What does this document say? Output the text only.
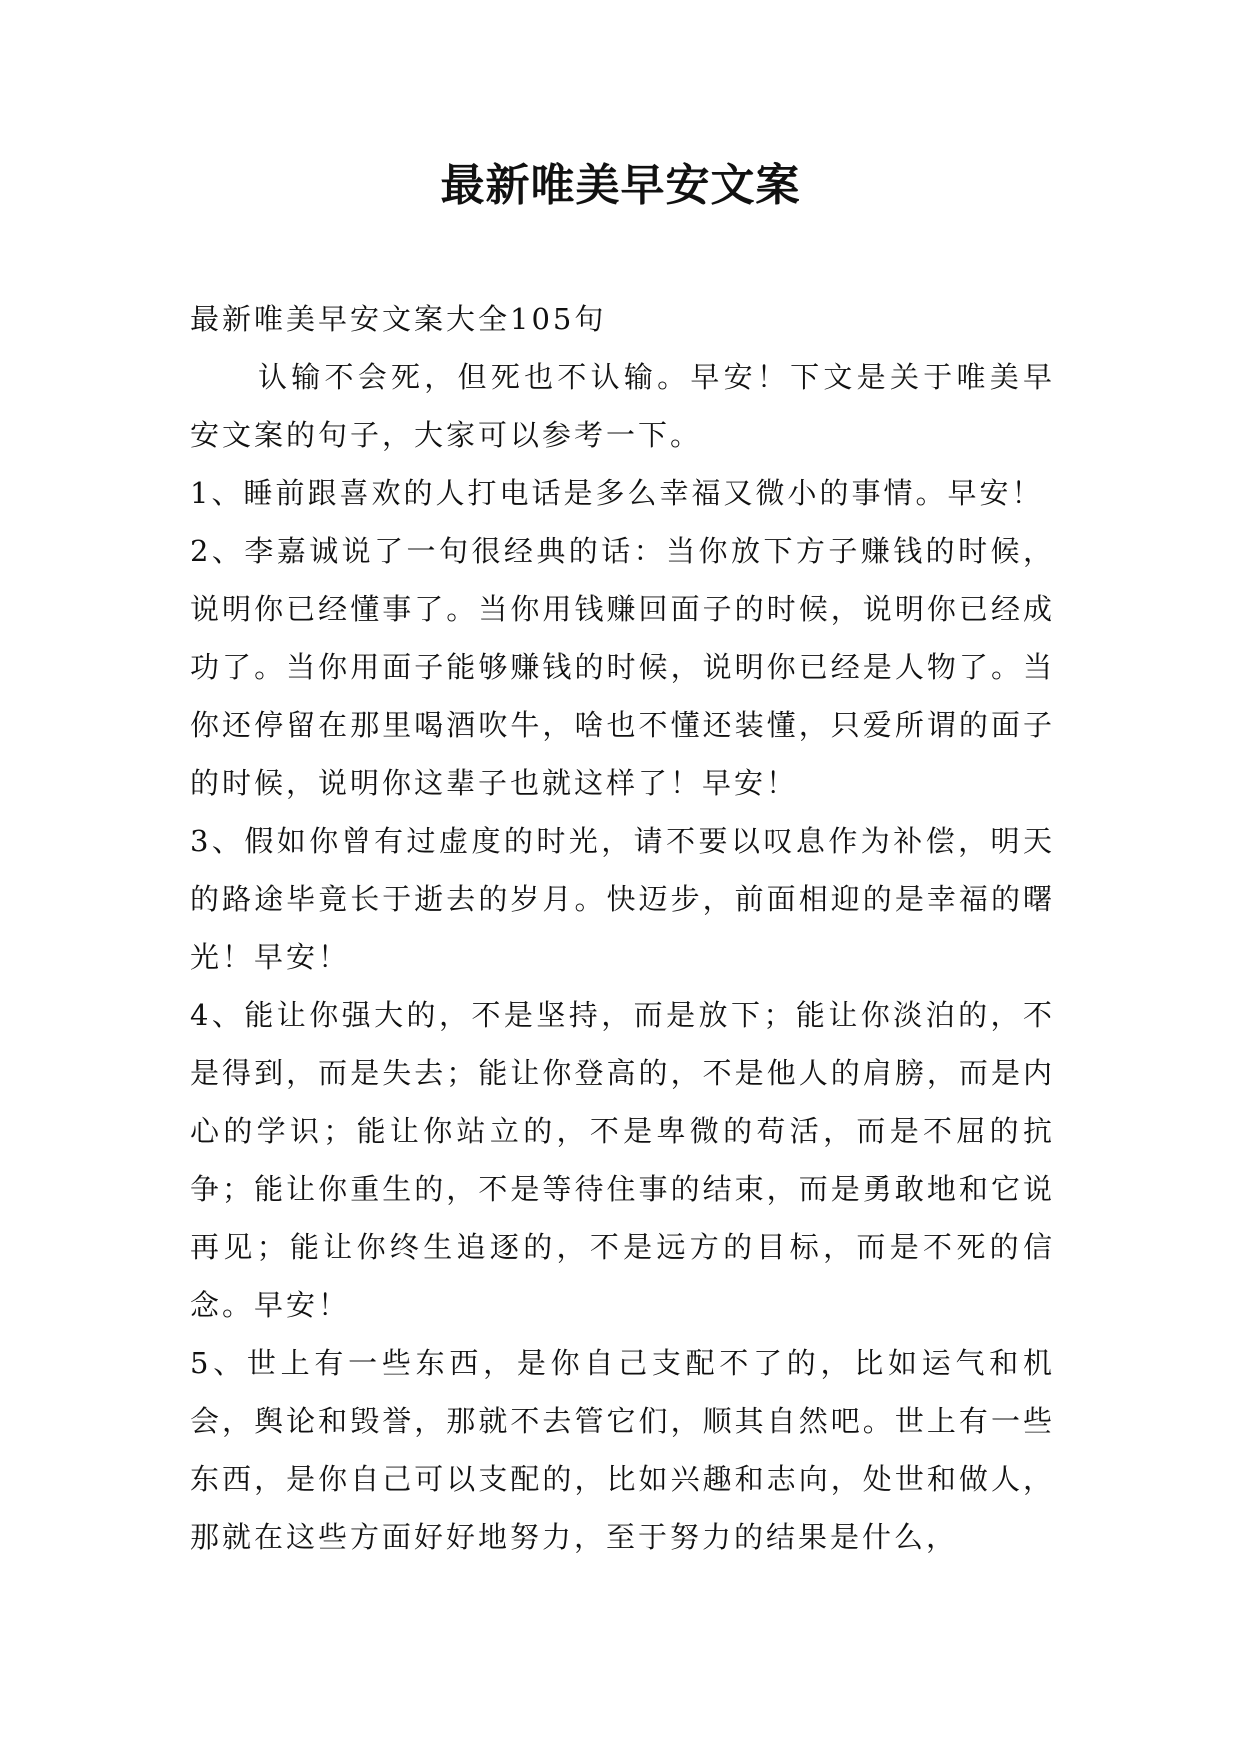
最新唯美早安文案

最新唯美早安文案大全105句

认输不会死，但死也不认输。早安！下文是关于唯美早安文案的句子，大家可以参考一下。

1、睡前跟喜欢的人打电话是多么幸福又微小的事情。早安！

2、李嘉诚说了一句很经典的话：当你放下方子赚钱的时候，说明你已经懂事了。当你用钱赚回面子的时候，说明你已经成功了。当你用面子能够赚钱的时候，说明你已经是人物了。当你还停留在那里喝酒吹牛，啥也不懂还装懂，只爱所谓的面子的时候，说明你这辈子也就这样了！早安！

3、假如你曾有过虚度的时光，请不要以叹息作为补偿，明天的路途毕竟长于逝去的岁月。快迈步，前面相迎的是幸福的曙光！早安！

4、能让你强大的，不是坚持，而是放下；能让你淡泊的，不是得到，而是失去；能让你登高的，不是他人的肩膀，而是内心的学识；能让你站立的，不是卑微的苟活，而是不屈的抗争；能让你重生的，不是等待住事的结束，而是勇敢地和它说再见；能让你终生追逐的，不是远方的目标，而是不死的信念。早安！

5、世上有一些东西，是你自己支配不了的，比如运气和机会，舆论和毁誉，那就不去管它们，顺其自然吧。世上有一些东西，是你自己可以支配的，比如兴趣和志向，处世和做人，那就在这些方面好好地努力，至于努力的结果是什么，
